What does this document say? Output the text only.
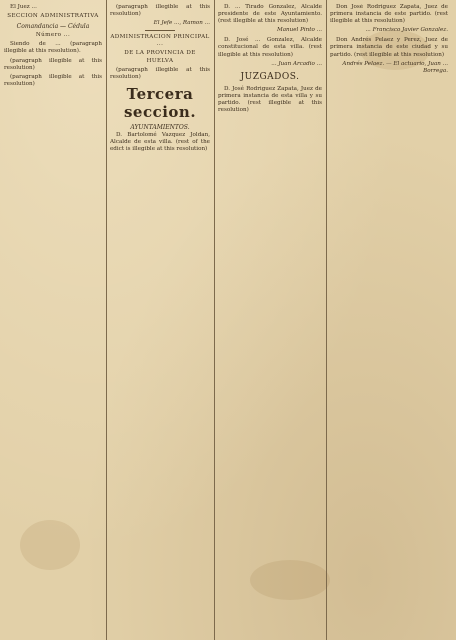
El Juez ...

SECCION ADMINISTRATIVA
Comandancia — Cédula
Número ...

Siendo de ... (paragraph illegible at this resolution).

(paragraph illegible at this resolution)

(paragraph illegible at this resolution)

(paragraph illegible at this resolution)

El Jefe ..., Ramon ...

ADMINISTRACION PRINCIPAL ...
DE LA PROVINCIA DE HUELVA

(paragraph illegible at this resolution)

Tercera seccion.
AYUNTAMIENTOS.

D. Bartolomé Vazquez Joldan, Alcalde de esta villa. (rest of the edict is illegible at this resolution)

D. ... Tirado Gonzalez, Alcalde presidente de este Ayuntamiento. (rest illegible at this resolution)

Manuel Pinto ...

D. José ... Gonzalez, Alcalde constitucional de esta villa. (rest illegible at this resolution)

... Juan Arcadio ...

JUZGADOS.

D. José Rodriguez Zapata, Juez de primera instancia de esta villa y su partido. (rest illegible at this resolution)

Don José Rodriguez Zapata, Juez de primera instancia de este partido. (rest illegible at this resolution)

... Francisco Javier Gonzalez.

Don Andrés Pelaez y Perez, Juez de primera instancia de este ciudad y su partido. (rest illegible at this resolution)

Andrés Pelaez. — El actuario, Juan ... Borrega.
